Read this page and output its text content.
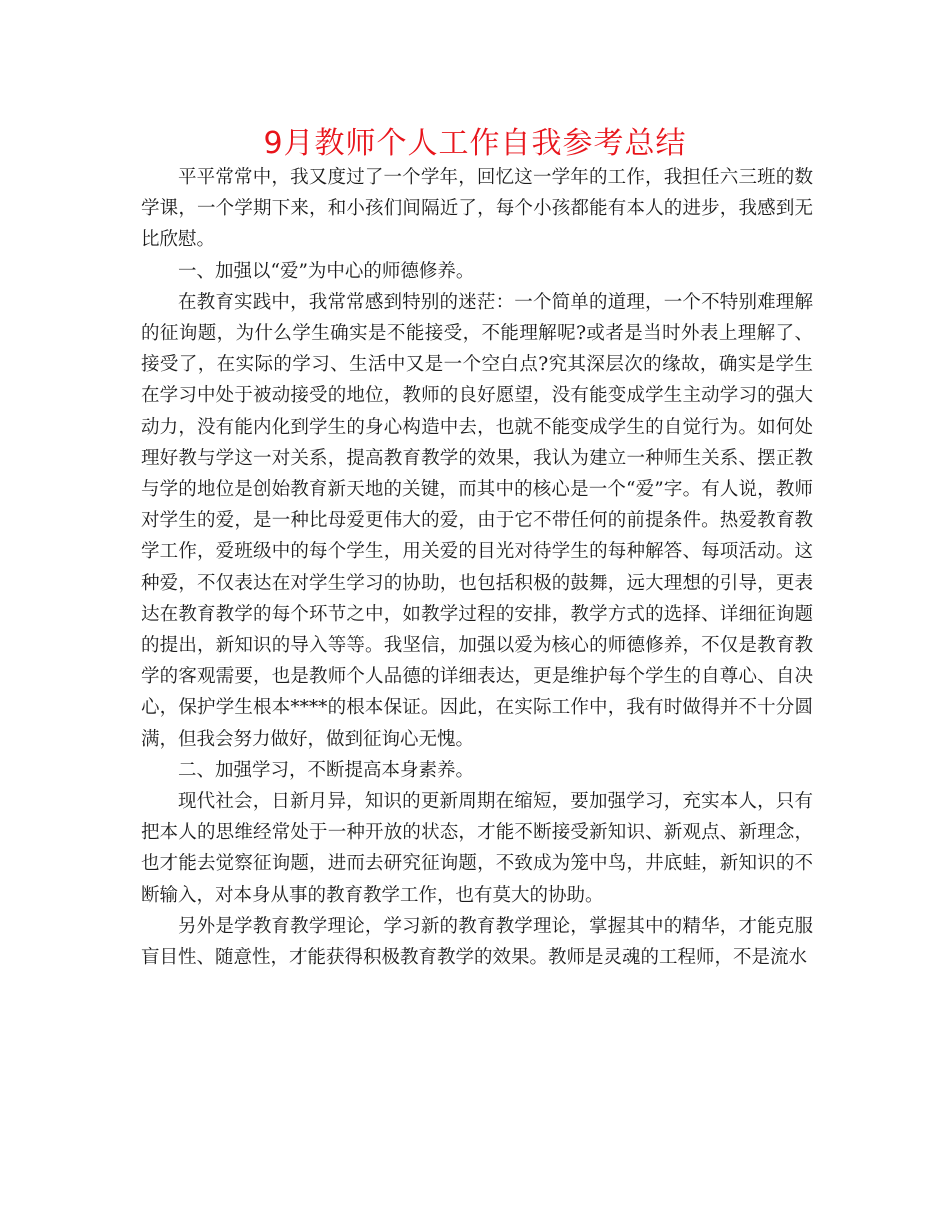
9月教师个人工作自我参考总结

平平常常中，我又度过了一个学年，回忆这一学年的工作，我担任六三班的数学课，一个学期下来，和小孩们间隔近了，每个小孩都能有本人的进步，我感到无比欣慰。

一、加强以“爱”为中心的师德修养。

在教育实践中，我常常感到特别的迷茫：一个简单的道理，一个不特别难理解的征询题，为什么学生确实是不能接受，不能理解呢?或者是当时外表上理解了、接受了，在实际的学习、生活中又是一个空白点?究其深层次的缘故，确实是学生在学习中处于被动接受的地位，教师的良好愿望，没有能变成学生主动学习的强大动力，没有能内化到学生的身心构造中去，也就不能变成学生的自觉行为。如何处理好教与学这一对关系，提高教育教学的效果，我认为建立一种师生关系、摆正教与学的地位是创始教育新天地的关键，而其中的核心是一个“爱”字。有人说，教师对学生的爱，是一种比母爱更伟大的爱，由于它不带任何的前提条件。热爱教育教学工作，爱班级中的每个学生，用关爱的目光对待学生的每种解答、每项活动。这种爱，不仅表达在对学生学习的协助，也包括积极的鼓舞，远大理想的引导，更表达在教育教学的每个环节之中，如教学过程的安排，教学方式的选择、详细征询题的提出，新知识的导入等等。我坚信，加强以爱为核心的师德修养，不仅是教育教学的客观需要，也是教师个人品德的详细表达，更是维护每个学生的自尊心、自决心，保护学生根本****的根本保证。因此，在实际工作中，我有时做得并不十分圆满，但我会努力做好，做到征询心无愧。

二、加强学习，不断提高本身素养。

现代社会，日新月异，知识的更新周期在缩短，要加强学习，充实本人，只有把本人的思维经常处于一种开放的状态，才能不断接受新知识、新观点、新理念，也才能去觉察征询题，进而去研究征询题，不致成为笼中鸟，井底蛙，新知识的不断输入，对本身从事的教育教学工作，也有莫大的协助。

另外是学教育教学理论，学习新的教育教学理论，掌握其中的精华，才能克服盲目性、随意性，才能获得积极教育教学的效果。教师是灵魂的工程师，不是流水
